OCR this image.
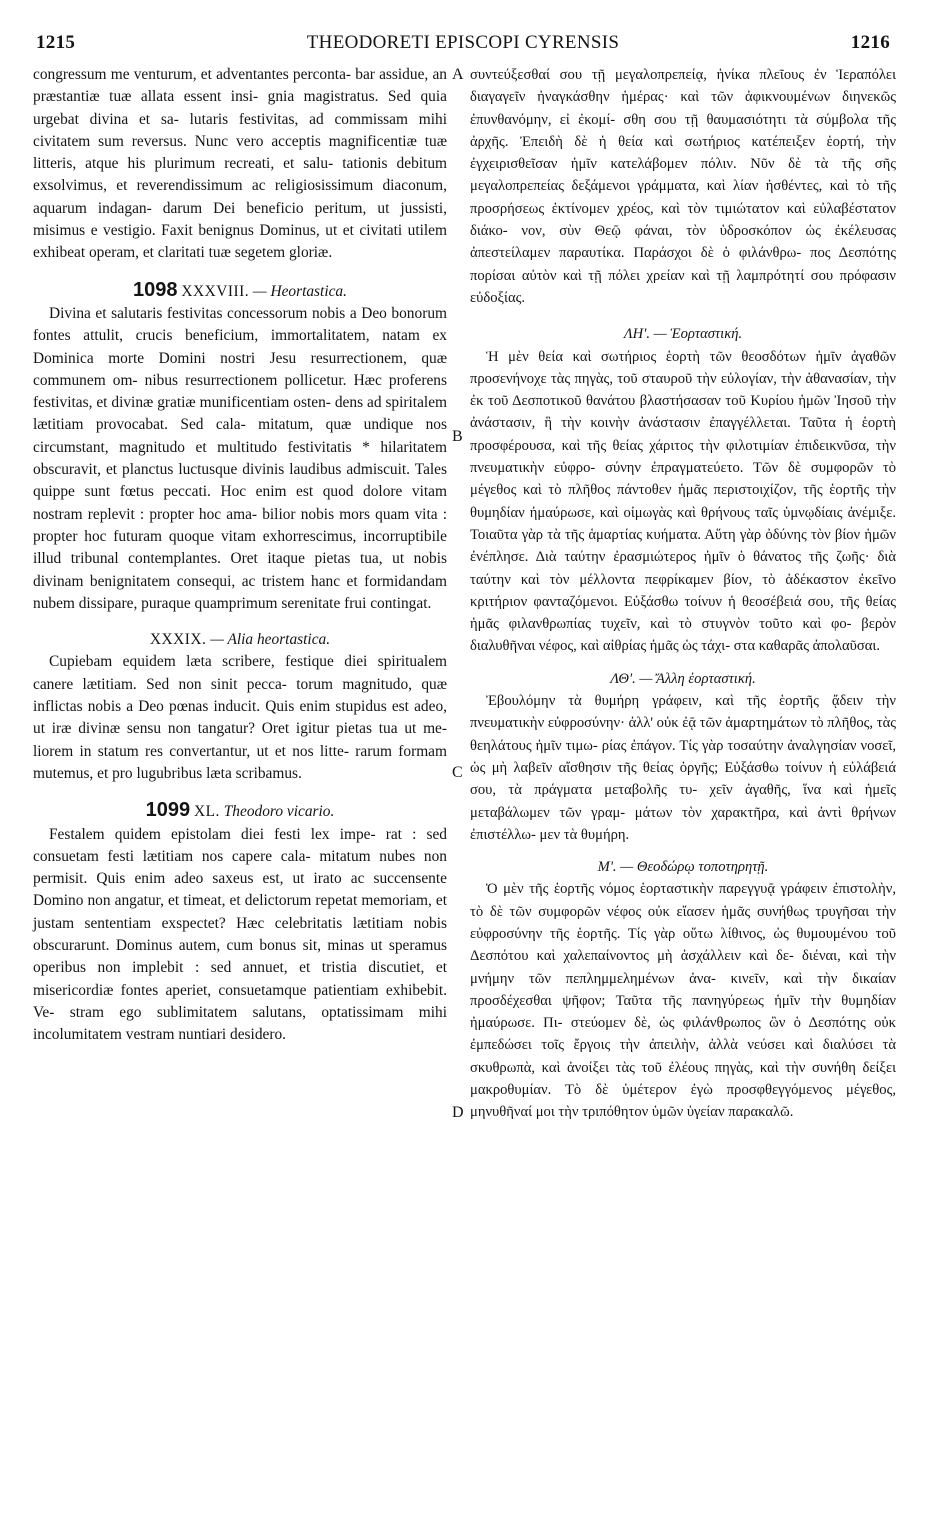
1215	THEODORETI EPISCOPI CYRENSIS	1216
A
B
C
D

congressum me venturum, et adventantes perconta- bar assidue, an præstantiæ tuæ allata essent insi- gnia magistratus. Sed quia urgebat divina et sa- lutaris festivitas, ad commissam mihi civitatem sum reversus. Nunc vero acceptis magnificentiæ tuæ litteris, atque his plurimum recreati, et salu- tationis debitum exsolvimus, et reverendissimum ac religiosissimum diaconum, aquarum indagan- darum Dei beneficio peritum, ut jussisti, misimus e vestigio. Faxit benignus Dominus, ut et civitati utilem exhibeat operam, et claritati tuæ segetem gloriæ.

1098 XXXVIII. — Heortastica.

Divina et salutaris festivitas concessorum nobis a Deo bonorum fontes attulit, crucis beneficium, immortalitatem, natam ex Dominica morte Domini nostri Jesu resurrectionem, quæ communem om- nibus resurrectionem pollicetur. Hæc proferens festivitas, et divinæ gratiæ munificentiam osten- dens ad spiritalem lætitiam provocabat. Sed cala- mitatum, quæ undique nos circumstant, magnitudo et multitudo festivitatis * hilaritatem obscuravit, et planctus luctusque divinis laudibus admiscuit. Tales quippe sunt fœtus peccati. Hoc enim est quod dolore vitam nostram replevit : propter hoc ama- bilior nobis mors quam vita : propter hoc futuram quoque vitam exhorrescimus, incorruptibile illud tribunal contemplantes. Oret itaque pietas tua, ut nobis divinam benignitatem consequi, ac tristem hanc et formidandam nubem dissipare, puraque quamprimum serenitate frui contingat.

XXXIX. — Alia heortastica.

Cupiebam equidem læta scribere, festique diei spiritualem canere lætitiam. Sed non sinit pecca- torum magnitudo, quæ inflictas nobis a Deo pœnas inducit. Quis enim stupidus est adeo, ut iræ divinæ sensu non tangatur? Oret igitur pietas tua ut me- liorem in statum res convertantur, ut et nos litte- rarum formam mutemus, et pro lugubribus læta scribamus.

1099 XL. Theodoro vicario.

Festalem quidem epistolam diei festi lex impe- rat : sed consuetam festi lætitiam nos capere cala- mitatum nubes non permisit. Quis enim adeo saxeus est, ut irato ac succensente Domino non angatur, et timeat, et delictorum repetat memoriam, et justam sententiam exspectet? Hæc celebritatis lætitiam nobis obscurarunt. Dominus autem, cum bonus sit, minas ut speramus operibus non implebit : sed annuet, et tristia discutiet, et misericordiæ fontes aperiet, consuetamque patientiam exhibebit. Ve- stram ego sublimitatem salutans, optatissimam mihi incolumitatem vestram nuntiari desidero.

συντεύξεσθαί σου τῇ μεγαλοπρεπείᾳ, ἡνίκα πλεῖους ἐν Ἱεραπόλει διαγαγεῖν ἠναγκάσθην ἡμέρας· καὶ τῶν ἀφικνουμένων διηνεκῶς ἐπυνθανόμην, εἰ ἐκομί- σθη σου τῇ θαυμασιότητι τὰ σύμβολα τῆς ἀρχῆς. Ἐπειδὴ δὲ ἡ θεία καὶ σωτήριος κατέπειξεν ἑορτή, τὴν ἐγχειρισθεῖσαν ἡμῖν κατελάβομεν πόλιν. Νῦν δὲ τὰ τῆς σῆς μεγαλοπρεπείας δεξάμενοι γράμματα, καὶ λίαν ἡσθέντες, καὶ τὸ τῆς προσρήσεως ἐκτίνομεν χρέος, καὶ τὸν τιμιώτατον καὶ εὐλαβέστατον διάκο- νον, σὺν Θεῷ φάναι, τὸν ὑδροσκόπον ὡς ἐκέλευσας ἀπεστείλαμεν παραυτίκα. Παράσχοι δὲ ὁ φιλάνθρω- πος Δεσπότης πορίσαι αὐτὸν καὶ τῇ πόλει χρείαν καὶ τῇ λαμπρότητί σου πρόφασιν εὐδοξίας.

ΛΗ'. — Ἑορταστική.

Ἡ μὲν θεία καὶ σωτήριος ἑορτὴ τῶν θεοσδότων ἡμῖν ἀγαθῶν προσενήνοχε τὰς πηγὰς, τοῦ σταυροῦ τὴν εὐλογίαν, τὴν ἀθανασίαν, τὴν ἐκ τοῦ Δεσποτικοῦ θανάτου βλαστήσασαν τοῦ Κυρίου ἡμῶν Ἰησοῦ τὴν ἀνάστασιν, ἣ τὴν κοινὴν ἀνάστασιν ἐπαγγέλλεται. Ταῦτα ἡ ἑορτὴ προσφέρουσα, καὶ τῆς θείας χάριτος τὴν φιλοτιμίαν ἐπιδεικνῦσα, τὴν πνευματικὴν εὐφρο- σύνην ἐπραγματεύετο. Τῶν δὲ συμφορῶν τὸ μέγεθος καὶ τὸ πλῆθος πάντοθεν ἡμᾶς περιστοιχίζον, τῆς ἑορτῆς τὴν θυμηδίαν ἠμαύρωσε, καὶ οἰμωγὰς καὶ θρήνους ταῖς ὑμνῳδίαις ἀνέμιξε. Τοιαῦτα γὰρ τὰ τῆς ἁμαρτίας κυήματα. Αὕτη γὰρ ὀδύνης τὸν βίον ἡμῶν ἐνέπλησε. Διὰ ταύτην ἐρασμιώτερος ἡμῖν ὁ θάνατος τῆς ζωῆς· διὰ ταύτην καὶ τὸν μέλλοντα πεφρίκαμεν βίον, τὸ ἀδέκαστον ἐκεῖνο κριτήριον φανταζόμενοι. Εὐξάσθω τοίνυν ἡ θεοσέβειά σου, τῆς θείας ἡμᾶς φιλανθρωπίας τυχεῖν, καὶ τὸ στυγνὸν τοῦτο καὶ φο- βερὸν διαλυθῆναι νέφος, καὶ αἰθρίας ἡμᾶς ὡς τάχι- στα καθαρᾶς ἀπολαῦσαι.

ΛΘ'. — Ἄλλη ἑορταστική.

Ἐβουλόμην τὰ θυμήρη γράφειν, καὶ τῆς ἑορτῆς ᾄδειν τὴν πνευματικὴν εὐφροσύνην· ἀλλ' οὐκ ἐᾷ τῶν ἁμαρτημάτων τὸ πλῆθος, τὰς θεηλάτους ἡμῖν τιμω- ρίας ἐπάγον. Τίς γὰρ τοσαύτην ἀναλγησίαν νοσεῖ, ὡς μὴ λαβεῖν αἴσθησιν τῆς θείας ὀργῆς; Εὐξάσθω τοίνυν ἡ εὐλάβειά σου, τὰ πράγματα μεταβολῆς τυ- χεῖν ἀγαθῆς, ἵνα καὶ ἡμεῖς μεταβάλωμεν τῶν γραμ- μάτων τὸν χαρακτῆρα, καὶ ἀντὶ θρήνων ἐπιστέλλω- μεν τὰ θυμήρη.

Μ'. — Θεοδώρῳ τοποτηρητῇ.

Ὁ μὲν τῆς ἑορτῆς νόμος ἑορταστικὴν παρεγγυᾷ γράφειν ἐπιστολὴν, τὸ δὲ τῶν συμφορῶν νέφος οὐκ εἴασεν ἡμᾶς συνήθως τρυγῆσαι τὴν εὐφροσύνην τῆς ἑορτῆς. Τίς γὰρ οὕτω λίθινος, ὡς θυμουμένου τοῦ Δεσπότου καὶ χαλεπαίνοντος μὴ ἀσχάλλειν καὶ δε- διέναι, καὶ τὴν μνήμην τῶν πεπλημμελημένων ἀνα- κινεῖν, καὶ τὴν δικαίαν προσδέχεσθαι ψῆφον; Ταῦτα τῆς πανηγύρεως ἡμῖν τὴν θυμηδίαν ἠμαύρωσε. Πι- στεύομεν δὲ, ὡς φιλάνθρωπος ὢν ὁ Δεσπότης οὐκ ἐμπεδώσει τοῖς ἔργοις τὴν ἀπειλὴν, ἀλλὰ νεύσει καὶ διαλύσει τὰ σκυθρωπὰ, καὶ ἀνοίξει τὰς τοῦ ἐλέους πηγὰς, καὶ τὴν συνήθη δείξει μακροθυμίαν. Τὸ δὲ ὑμέτερον ἐγὼ προσφθεγγόμενος μέγεθος, μηνυθῆναί μοι τὴν τριπόθητον ὑμῶν ὑγείαν παρακαλῶ.
